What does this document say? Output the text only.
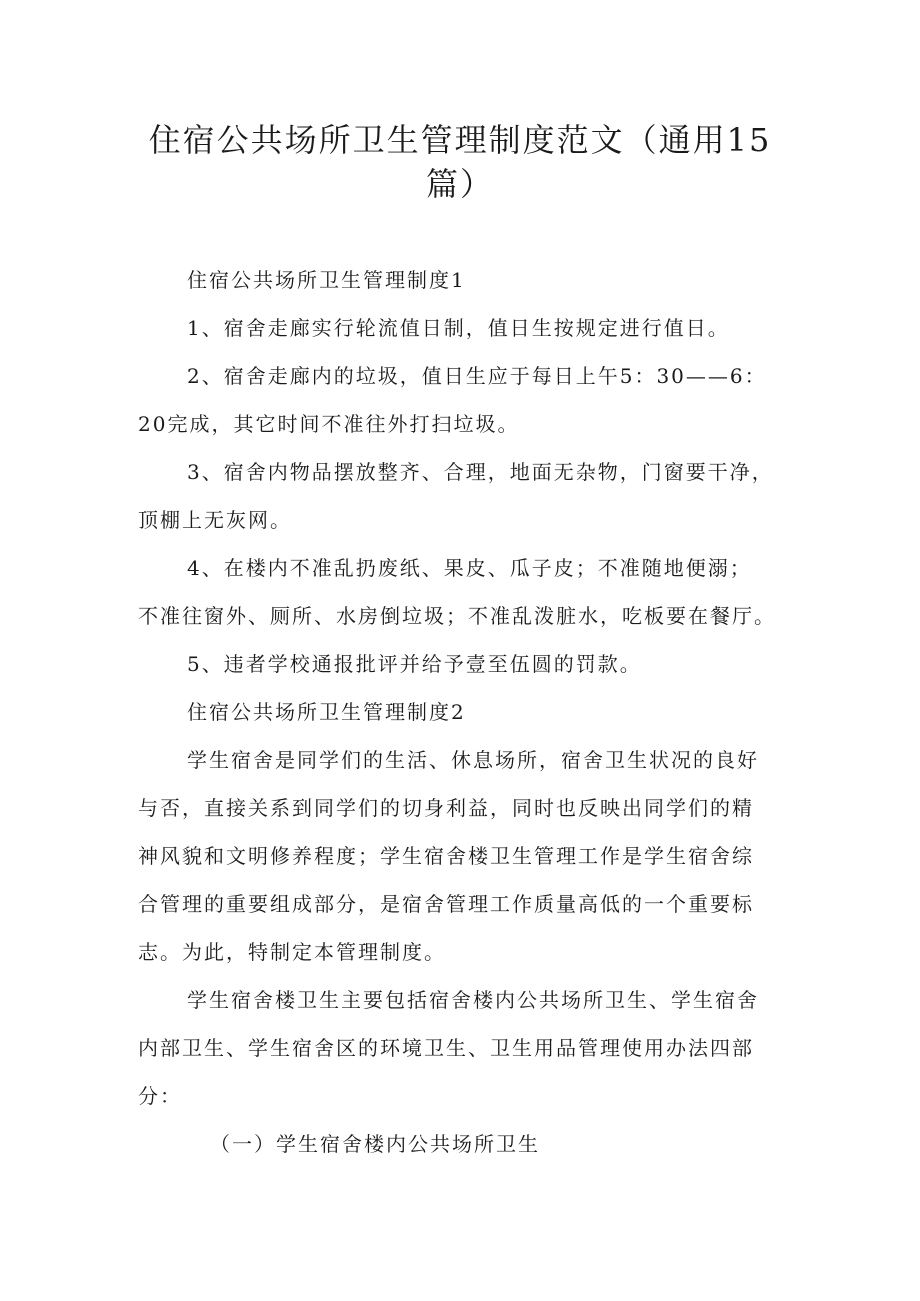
住宿公共场所卫生管理制度范文（通用15
篇）

住宿公共场所卫生管理制度1

1、宿舍走廊实行轮流值日制，值日生按规定进行值日。

2、宿舍走廊内的垃圾，值日生应于每日上午5：30——6：

20完成，其它时间不准往外打扫垃圾。

3、宿舍内物品摆放整齐、合理，地面无杂物，门窗要干净，

顶棚上无灰网。

4、在楼内不准乱扔废纸、果皮、瓜子皮；不准随地便溺；

不准往窗外、厕所、水房倒垃圾；不准乱泼脏水，吃板要在餐厅。

5、违者学校通报批评并给予壹至伍圆的罚款。

住宿公共场所卫生管理制度2

学生宿舍是同学们的生活、休息场所，宿舍卫生状况的良好

与否，直接关系到同学们的切身利益，同时也反映出同学们的精

神风貌和文明修养程度；学生宿舍楼卫生管理工作是学生宿舍综

合管理的重要组成部分，是宿舍管理工作质量高低的一个重要标

志。为此，特制定本管理制度。

学生宿舍楼卫生主要包括宿舍楼内公共场所卫生、学生宿舍

内部卫生、学生宿舍区的环境卫生、卫生用品管理使用办法四部

分：

（一）学生宿舍楼内公共场所卫生
